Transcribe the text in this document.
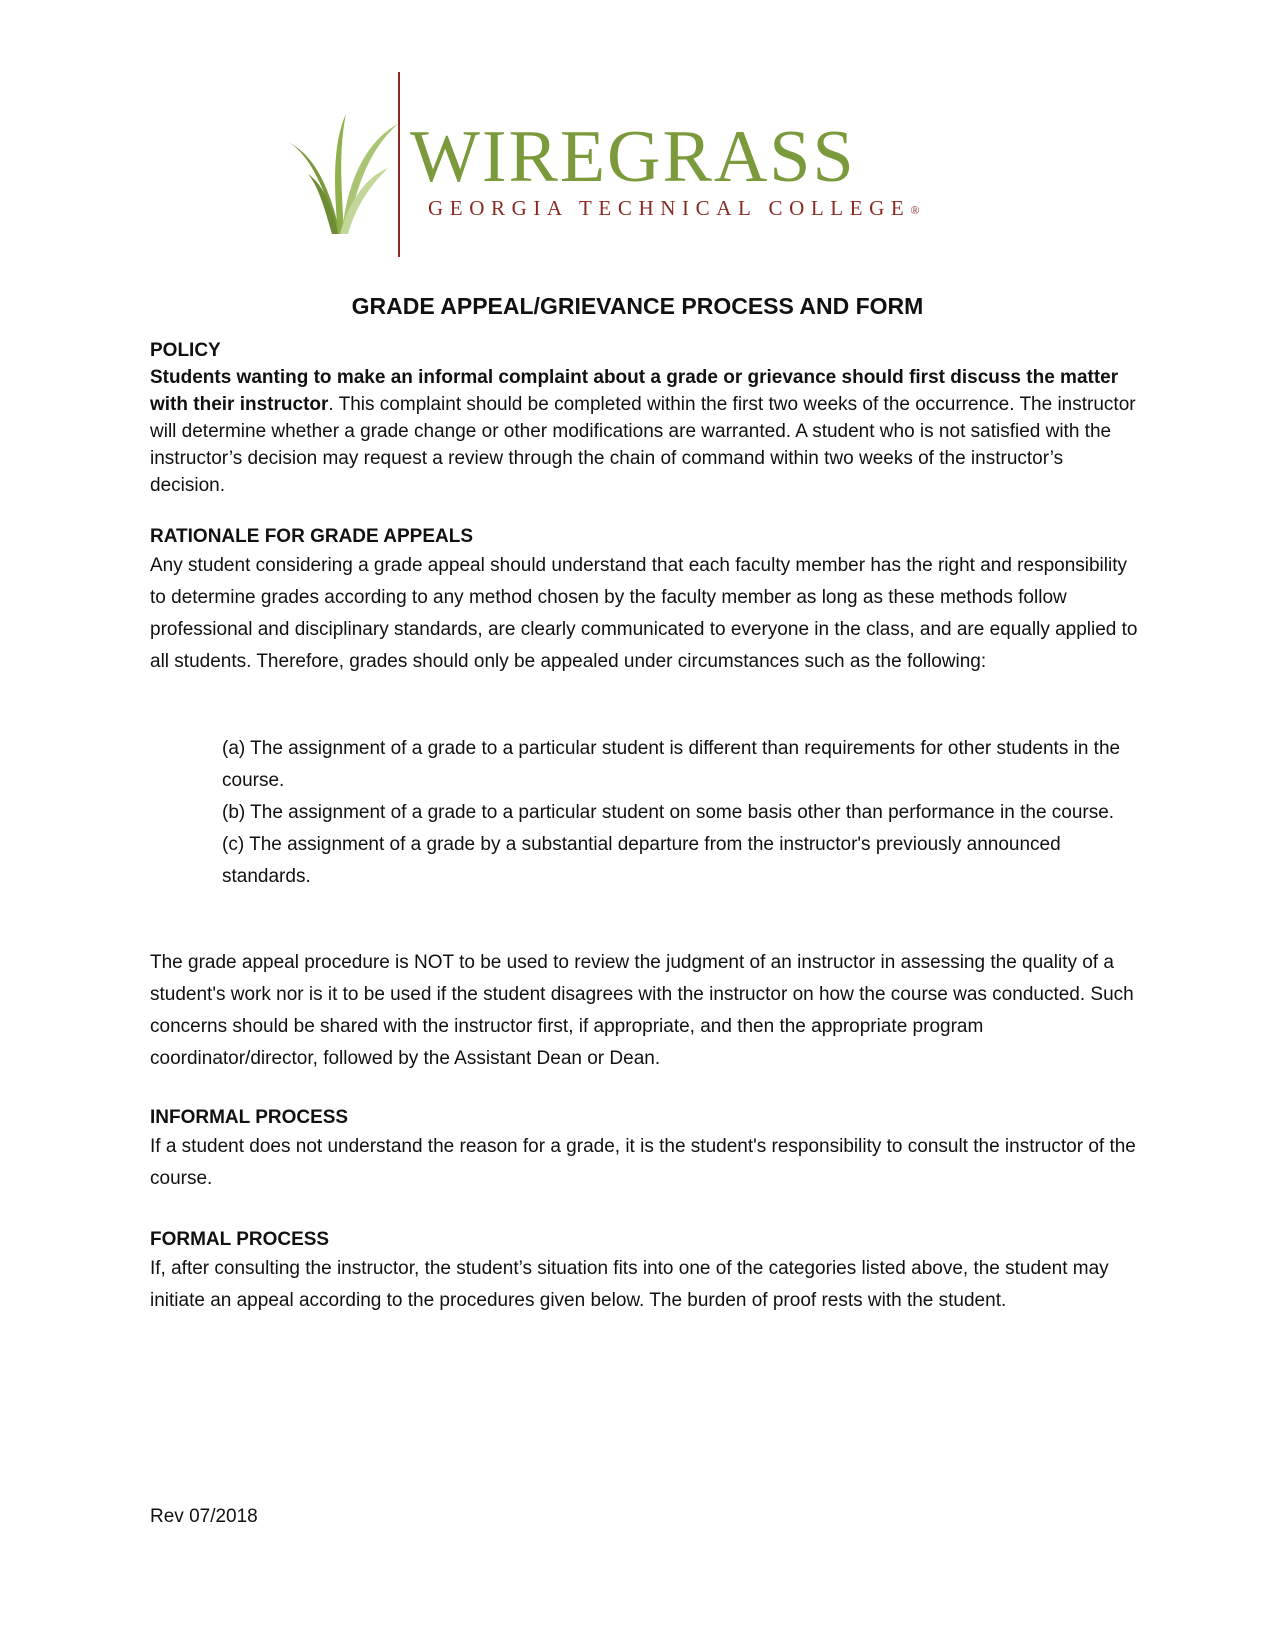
WIREGRASS
GEORGIA TECHNICAL COLLEGE®
GRADE APPEAL/GRIEVANCE PROCESS AND FORM
POLICY

Students wanting to make an informal complaint about a grade or grievance should first discuss the matter with their instructor. This complaint should be completed within the first two weeks of the occurrence. The instructor will determine whether a grade change or other modifications are warranted. A student who is not satisfied with the instructor’s decision may request a review through the chain of command within two weeks of the instructor’s decision.

RATIONALE FOR GRADE APPEALS

Any student considering a grade appeal should understand that each faculty member has the right and responsibility to determine grades according to any method chosen by the faculty member as long as these methods follow professional and disciplinary standards, are clearly communicated to everyone in the class, and are equally applied to all students. Therefore, grades should only be appealed under circumstances such as the following:

(a) The assignment of a grade to a particular student is different than requirements for other students in the course.

(b) The assignment of a grade to a particular student on some basis other than performance in the course.

(c) The assignment of a grade by a substantial departure from the instructor's previously announced standards.

The grade appeal procedure is NOT to be used to review the judgment of an instructor in assessing the quality of a student's work nor is it to be used if the student disagrees with the instructor on how the course was conducted. Such concerns should be shared with the instructor first, if appropriate, and then the appropriate program coordinator/director, followed by the Assistant Dean or Dean.

INFORMAL PROCESS

If a student does not understand the reason for a grade, it is the student's responsibility to consult the instructor of the course.

FORMAL PROCESS

If, after consulting the instructor, the student’s situation fits into one of the categories listed above, the student may initiate an appeal according to the procedures given below. The burden of proof rests with the student.

Rev 07/2018
